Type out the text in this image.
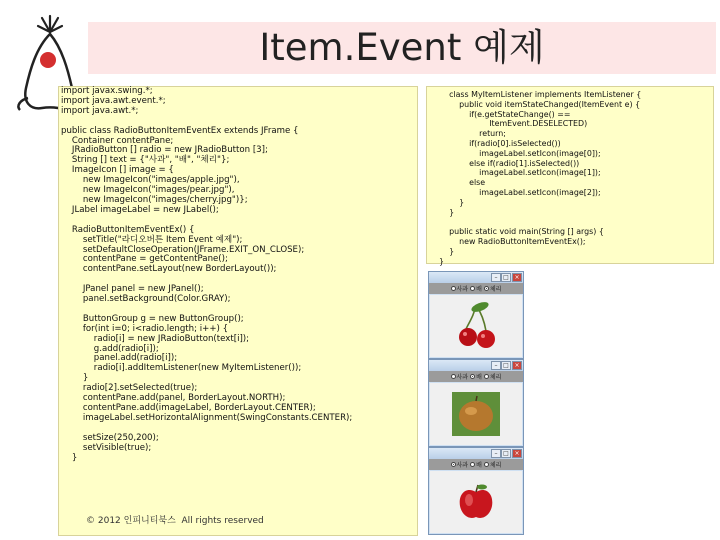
Item.Event 예제
import javax.swing.*;
import java.awt.event.*;
import java.awt.*;

public class RadioButtonItemEventEx extends JFrame {
Container contentPane;
JRadioButton [] radio = new JRadioButton [3];
String [] text = {"사과", "배", "체리"};
ImageIcon [] image = {
new ImageIcon("images/apple.jpg"),
new ImageIcon("images/pear.jpg"),
new ImageIcon("images/cherry.jpg")};
JLabel imageLabel = new JLabel();

RadioButtonItemEventEx() {
setTitle("라디오버튼 Item Event 예제");
setDefaultCloseOperation(JFrame.EXIT_ON_CLOSE);
contentPane = getContentPane();
contentPane.setLayout(new BorderLayout());

JPanel panel = new JPanel();
panel.setBackground(Color.GRAY);

ButtonGroup g = new ButtonGroup();
for(int i=0; i<radio.length; i++) {
radio[i] = new JRadioButton(text[i]);
g.add(radio[i]);
panel.add(radio[i]);
radio[i].addItemListener(new MyItemListener());
}
radio[2].setSelected(true);
contentPane.add(panel, BorderLayout.NORTH);
contentPane.add(imageLabel, BorderLayout.CENTER);
imageLabel.setHorizontalAlignment(SwingConstants.CENTER);

setSize(250,200);
setVisible(true);
}
class MyItemListener implements ItemListener {
public void itemStateChanged(ItemEvent e) {
if(e.getStateChange() ==
ItemEvent.DESELECTED)
return;
if(radio[0].isSelected())
imageLabel.setIcon(image[0]);
else if(radio[1].isSelected())
imageLabel.setIcon(image[1]);
else
imageLabel.setIcon(image[2]);
}
}

public static void main(String [] args) {
new RadioButtonItemEventEx();
}
}
– □ ×
사과 배 체리
– □ ×
사과 배 체리
– □ ×
사과 배 체리
© 2012 인피니티북스  All rights reserved
